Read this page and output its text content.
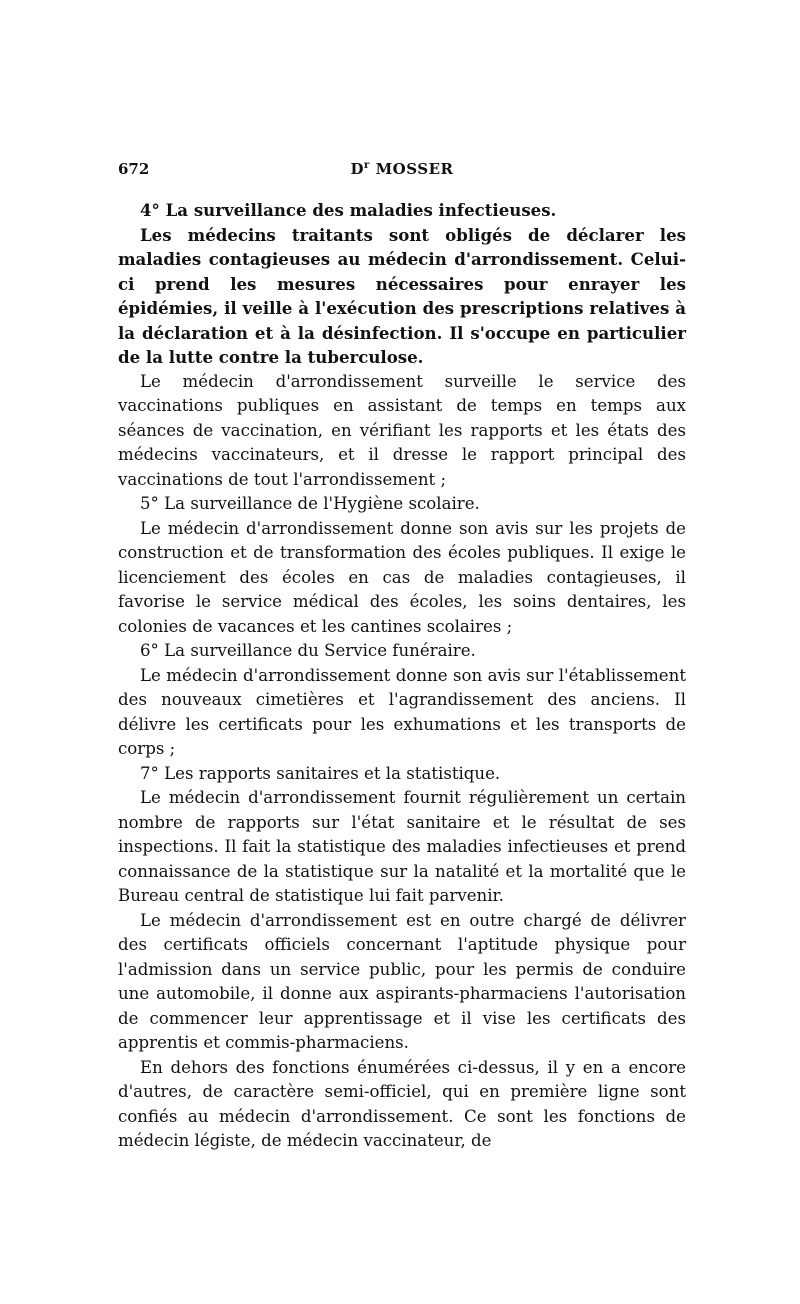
672	$D^r$ MOSSER

4° La surveillance des maladies infectieuses.

Les médecins traitants sont obligés de déclarer les maladies contagieuses au médecin d'arrondissement. Celui-ci prend les mesures nécessaires pour enrayer les épidémies, il veille à l'exécution des prescriptions relatives à la déclaration et à la désinfection. Il s'occupe en particulier de la lutte contre la tuberculose.

Le médecin d'arrondissement surveille le service des vaccinations publiques en assistant de temps en temps aux séances de vaccination, en vérifiant les rapports et les états des médecins vaccinateurs, et il dresse le rapport principal des vaccinations de tout l'arrondissement ;

5° La surveillance de l'Hygiène scolaire.

Le médecin d'arrondissement donne son avis sur les projets de construction et de transformation des écoles publiques. Il exige le licenciement des écoles en cas de maladies contagieuses, il favorise le service médical des écoles, les soins dentaires, les colonies de vacances et les cantines scolaires ;

6° La surveillance du Service funéraire.

Le médecin d'arrondissement donne son avis sur l'établissement des nouveaux cimetières et l'agrandissement des anciens. Il délivre les certificats pour les exhumations et les transports de corps ;

7° Les rapports sanitaires et la statistique.

Le médecin d'arrondissement fournit régulièrement un certain nombre de rapports sur l'état sanitaire et le résultat de ses inspections. Il fait la statistique des maladies infectieuses et prend connaissance de la statistique sur la natalité et la mortalité que le Bureau central de statistique lui fait parvenir.

Le médecin d'arrondissement est en outre chargé de délivrer des certificats officiels concernant l'aptitude physique pour l'admission dans un service public, pour les permis de conduire une automobile, il donne aux aspirants-pharmaciens l'autorisation de commencer leur apprentissage et il vise les certificats des apprentis et commis-pharmaciens.

En dehors des fonctions énumérées ci-dessus, il y en a encore d'autres, de caractère semi-officiel, qui en première ligne sont confiés au médecin d'arrondissement. Ce sont les fonctions de médecin légiste, de médecin vaccinateur, de
